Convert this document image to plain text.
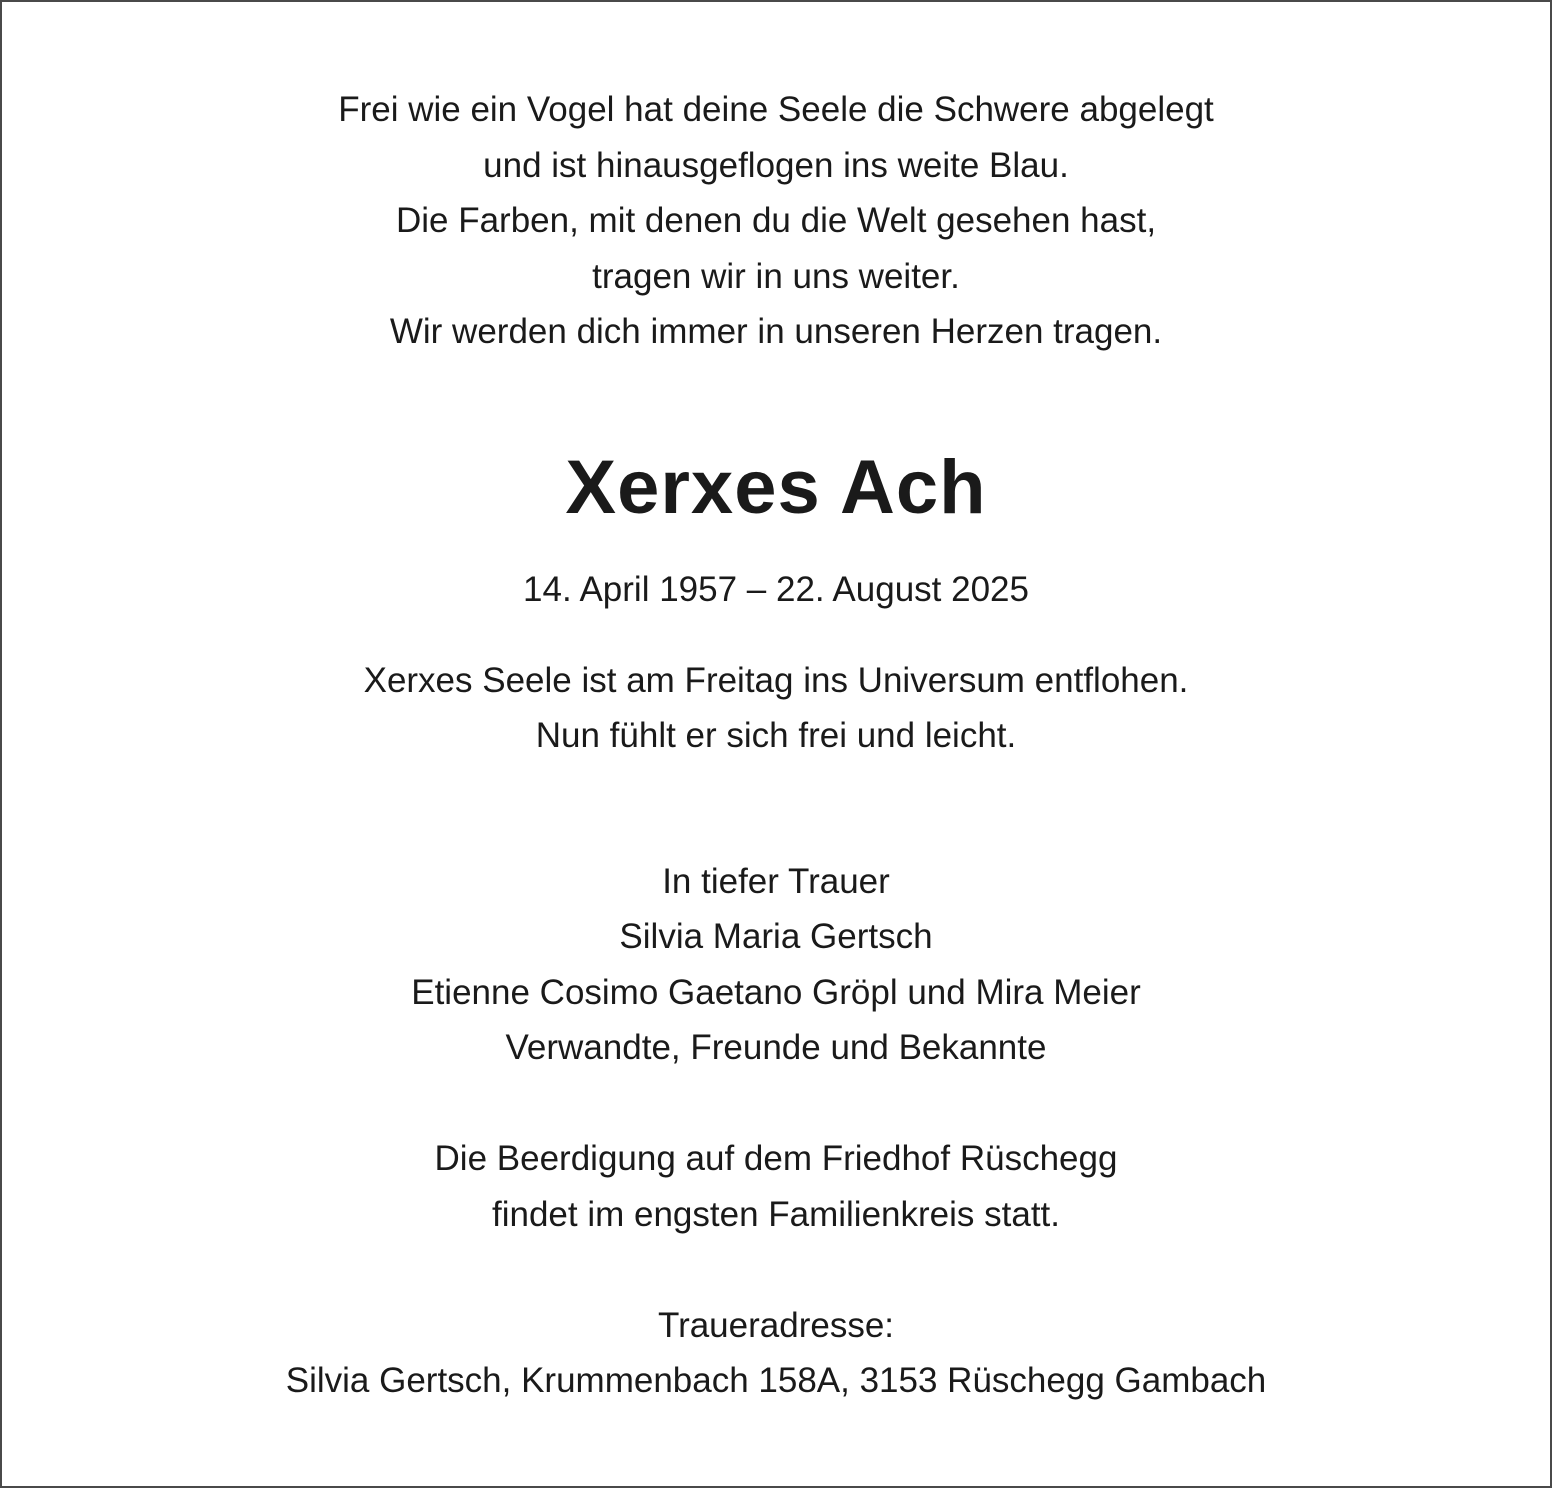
Frei wie ein Vogel hat deine Seele die Schwere abgelegt

und ist hinausgeflogen ins weite Blau.

Die Farben, mit denen du die Welt gesehen hast,

tragen wir in uns weiter.

Wir werden dich immer in unseren Herzen tragen.

Xerxes Ach

14. April 1957 – 22. August 2025

Xerxes Seele ist am Freitag ins Universum entflohen.

Nun fühlt er sich frei und leicht.

In tiefer Trauer

Silvia Maria Gertsch

Etienne Cosimo Gaetano Gröpl und Mira Meier

Verwandte, Freunde und Bekannte

Die Beerdigung auf dem Friedhof Rüschegg

findet im engsten Familienkreis statt.

Traueradresse:

Silvia Gertsch, Krummenbach 158A, 3153 Rüschegg Gambach
